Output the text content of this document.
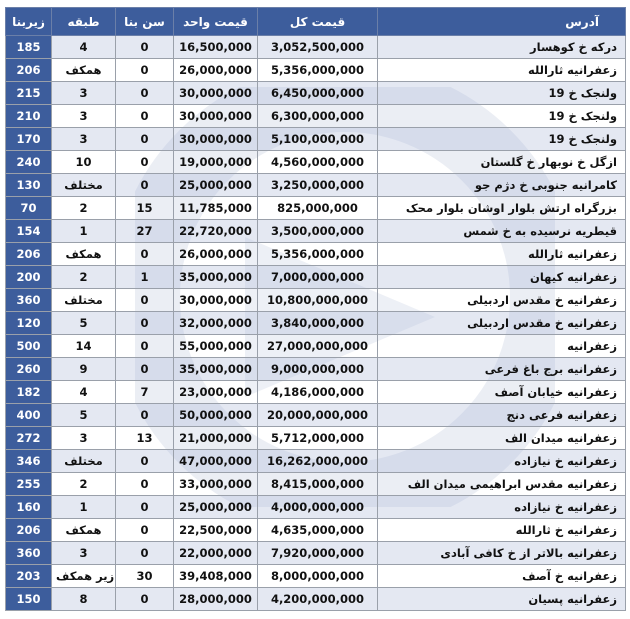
زیربنا	طبقه	سن بنا	قیمت واحد	قیمت کل	آدرس
185	4	0	16,500,000	3,052,500,000	درکه خ کوهسار
206	همکف	0	26,000,000	5,356,000,000	زعفرانیه ثارالله
215	3	0	30,000,000	6,450,000,000	ولنجک خ 19
210	3	0	30,000,000	6,300,000,000	ولنجک خ 19
170	3	0	30,000,000	5,100,000,000	ولنجک خ 19
240	10	0	19,000,000	4,560,000,000	ازگل خ نوبهار خ گلستان
130	مختلف	0	25,000,000	3,250,000,000	کامرانیه جنوبی خ دژم جو
70	2	15	11,785,000	825,000,000	بزرگراه ارتش بلوار اوشان بلوار محک
154	1	27	22,720,000	3,500,000,000	قیطریه نرسیده به خ شمس
206	همکف	0	26,000,000	5,356,000,000	زعفرانیه ثارالله
200	2	1	35,000,000	7,000,000,000	زعفرانیه کیهان
360	مختلف	0	30,000,000	10,800,000,000	زعفرانیه خ مقدس اردبیلی
120	5	0	32,000,000	3,840,000,000	زعفرانیه خ مقدس اردبیلی
500	14	0	55,000,000	27,000,000,000	زعفرانیه
260	9	0	35,000,000	9,000,000,000	زعفرانیه برج باغ فرعی
182	4	7	23,000,000	4,186,000,000	زعفرانیه خیابان آصف
400	5	0	50,000,000	20,000,000,000	زعفرانیه فرعی دنج
272	3	13	21,000,000	5,712,000,000	زعفرانیه میدان الف
346	مختلف	0	47,000,000	16,262,000,000	زعفرانیه خ نیازاده
255	2	0	33,000,000	8,415,000,000	زعفرانیه مقدس ابراهیمی میدان الف
160	1	0	25,000,000	4,000,000,000	زعفرانیه خ نیازاده
206	همکف	0	22,500,000	4,635,000,000	زعفرانیه خ ثارالله
360	3	0	22,000,000	7,920,000,000	زعفرانیه بالاتر از خ کافی آبادی
203	زیر همکف	30	39,408,000	8,000,000,000	زعفرانیه خ آصف
150	8	0	28,000,000	4,200,000,000	زعفرانیه پسیان
